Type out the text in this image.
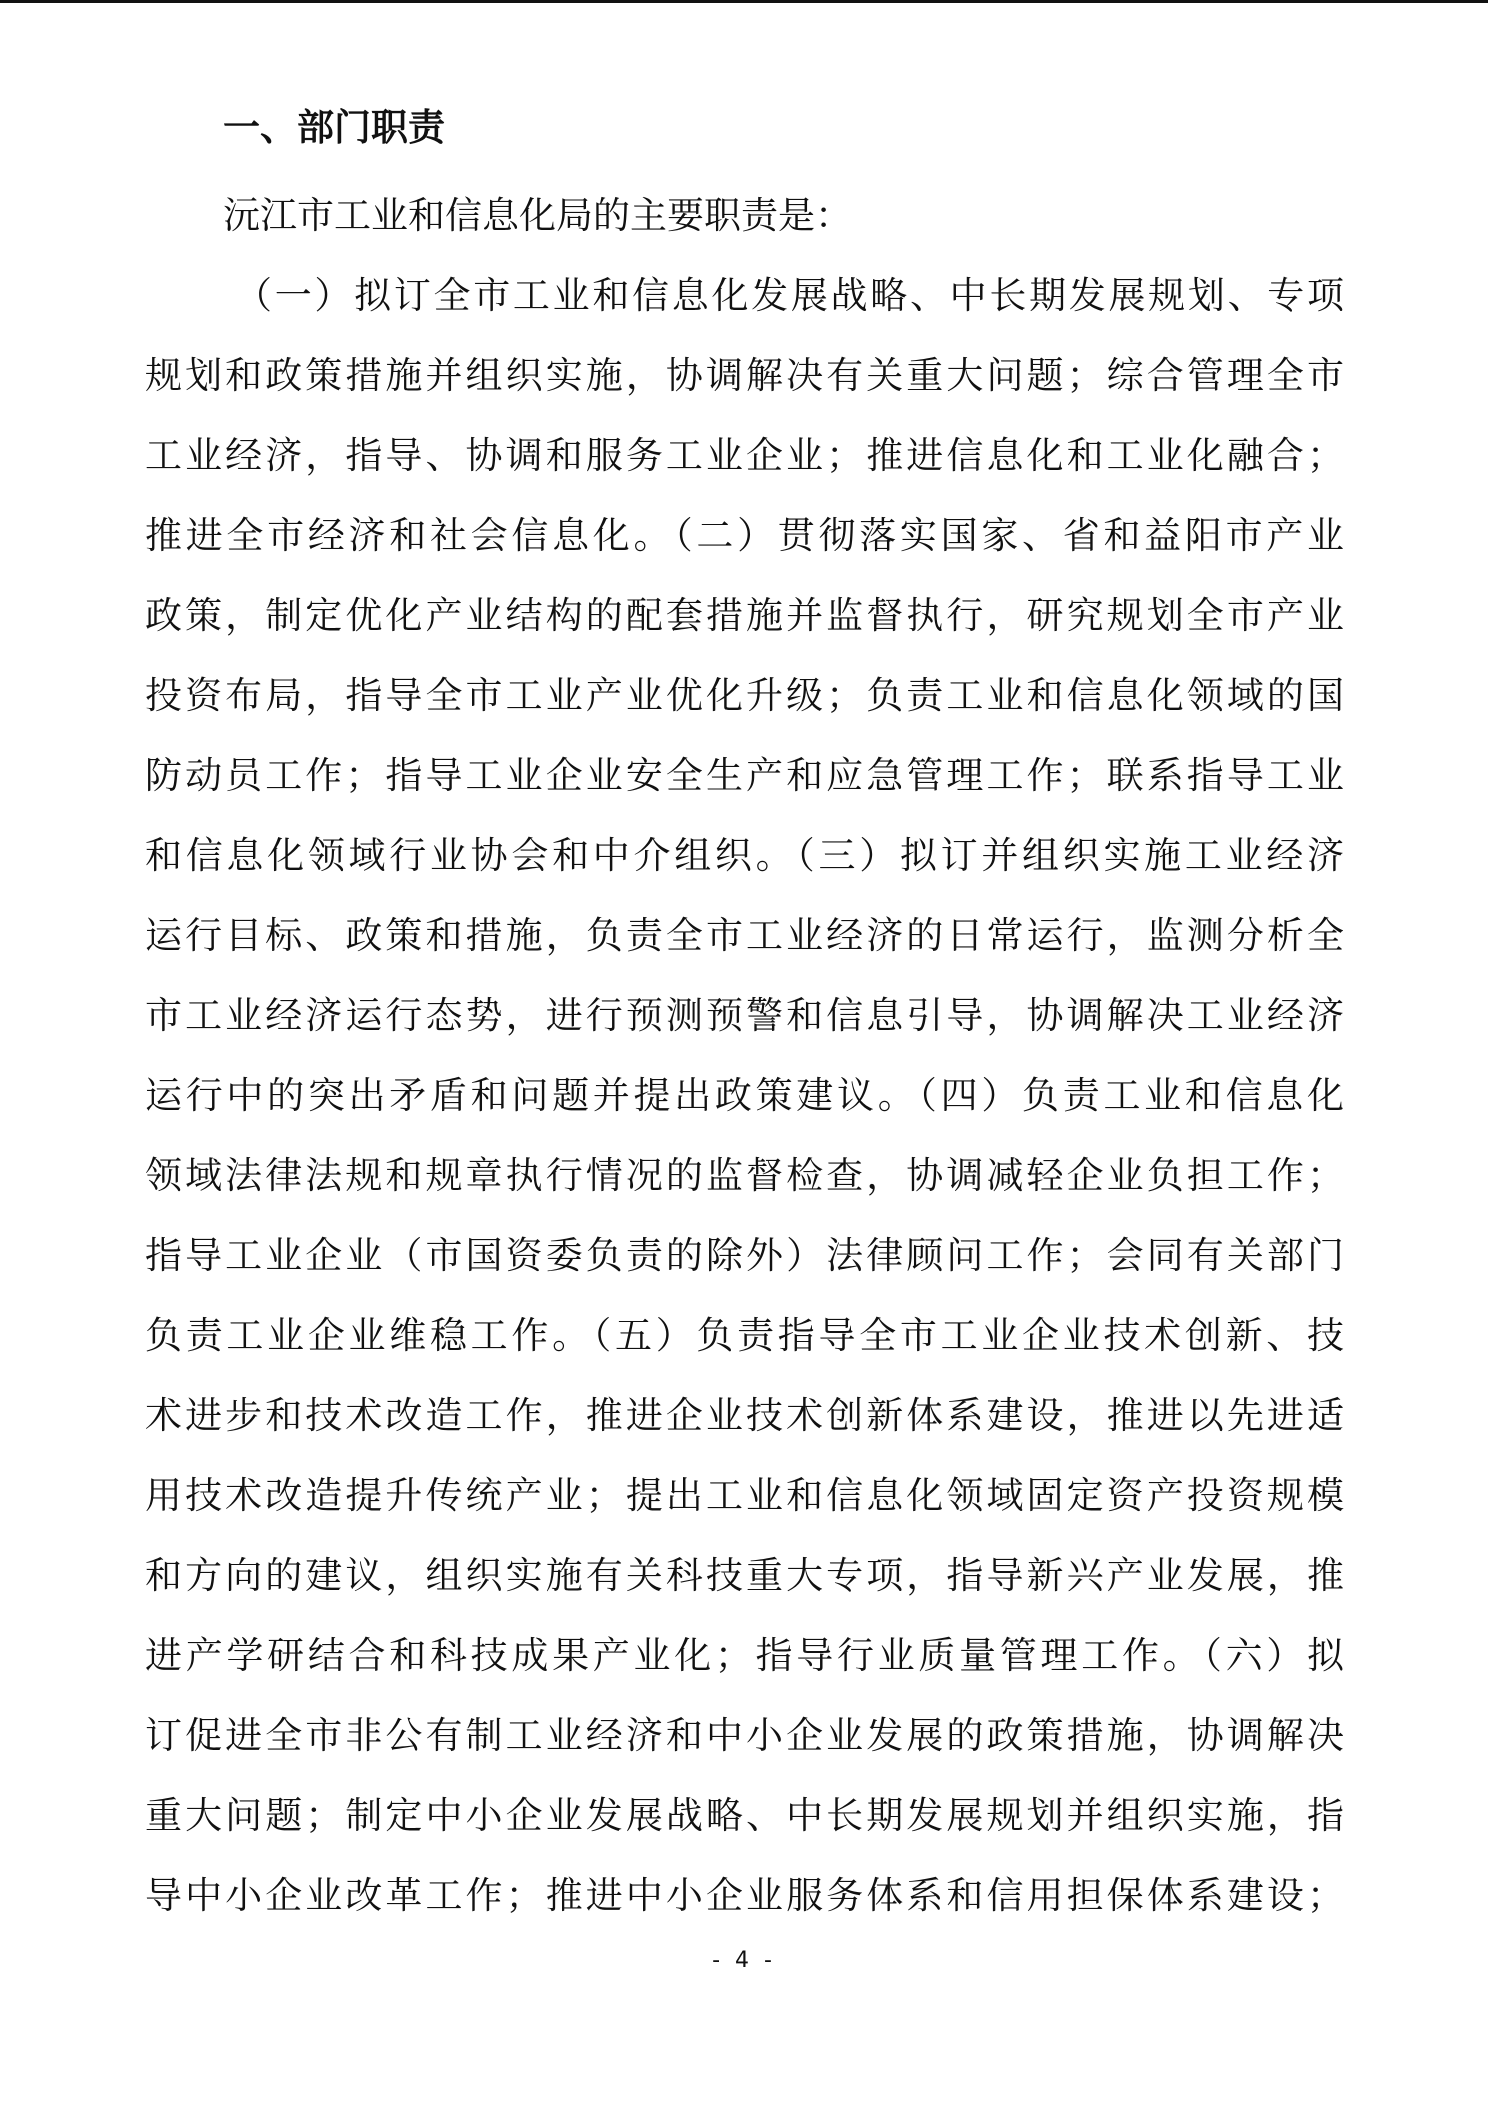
一、部门职责
沅江市工业和信息化局的主要职责是：
（一）拟订全市工业和信息化发展战略、中长期发展规划、专项
规划和政策措施并组织实施，协调解决有关重大问题；综合管理全市
工业经济，指导、协调和服务工业企业；推进信息化和工业化融合；
推进全市经济和社会信息化。（二）贯彻落实国家、省和益阳市产业
政策，制定优化产业结构的配套措施并监督执行，研究规划全市产业
投资布局，指导全市工业产业优化升级；负责工业和信息化领域的国
防动员工作；指导工业企业安全生产和应急管理工作；联系指导工业
和信息化领域行业协会和中介组织。（三）拟订并组织实施工业经济
运行目标、政策和措施，负责全市工业经济的日常运行，监测分析全
市工业经济运行态势，进行预测预警和信息引导，协调解决工业经济
运行中的突出矛盾和问题并提出政策建议。（四）负责工业和信息化
领域法律法规和规章执行情况的监督检查，协调减轻企业负担工作；
指导工业企业（市国资委负责的除外）法律顾问工作；会同有关部门
负责工业企业维稳工作。（五）负责指导全市工业企业技术创新、技
术进步和技术改造工作，推进企业技术创新体系建设，推进以先进适
用技术改造提升传统产业；提出工业和信息化领域固定资产投资规模
和方向的建议，组织实施有关科技重大专项，指导新兴产业发展，推
进产学研结合和科技成果产业化；指导行业质量管理工作。（六）拟
订促进全市非公有制工业经济和中小企业发展的政策措施，协调解决
重大问题；制定中小企业发展战略、中长期发展规划并组织实施，指
导中小企业改革工作；推进中小企业服务体系和信用担保体系建设；
- 4 -
